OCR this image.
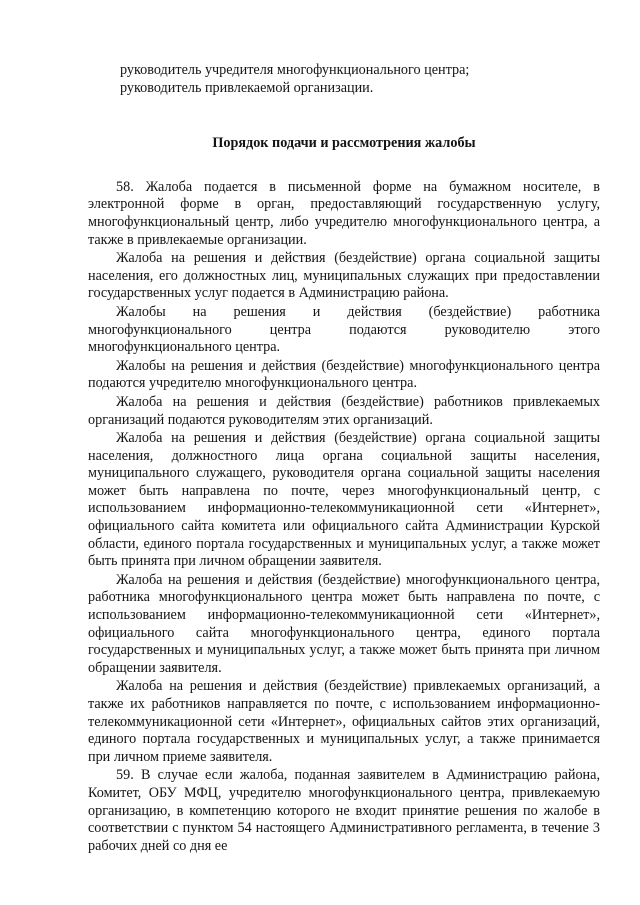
руководитель учредителя многофункционального центра;

руководитель привлекаемой организации.

Порядок подачи и рассмотрения жалобы

58. Жалоба подается в письменной форме на бумажном носителе, в электронной форме в орган, предоставляющий государственную услугу, многофункциональный центр, либо учредителю многофункционального центра, а также в привлекаемые организации.

Жалоба на решения и действия (бездействие) органа социальной защиты населения, его должностных лиц, муниципальных служащих при предоставлении государственных услуг подается в Администрацию района.

Жалобы на решения и действия (бездействие) работника многофункционального центра подаются руководителю этого многофункционального центра.

Жалобы на решения и действия (бездействие) многофункционального центра подаются учредителю многофункционального центра.

Жалоба на решения и действия (бездействие) работников привлекаемых организаций подаются руководителям этих организаций.

Жалоба на решения и действия (бездействие) органа социальной защиты населения, должностного лица органа социальной защиты населения, муниципального служащего, руководителя органа социальной защиты населения может быть направлена по почте, через многофункциональный центр, с использованием информационно-телекоммуникационной сети «Интернет», официального сайта комитета или официального сайта Администрации Курской области, единого портала государственных и муниципальных услуг, а также может быть принята при личном обращении заявителя.

Жалоба на решения и действия (бездействие) многофункционального центра, работника многофункционального центра может быть направлена по почте, с использованием информационно-телекоммуникационной сети «Интернет», официального сайта многофункционального центра, единого портала государственных и муниципальных услуг, а также может быть принята при личном обращении заявителя.

Жалоба на решения и действия (бездействие) привлекаемых организаций, а также их работников направляется по почте, с использованием информационно-телекоммуникационной сети «Интернет», официальных сайтов этих организаций, единого портала государственных и муниципальных услуг, а также принимается при личном приеме заявителя.

59. В случае если жалоба, поданная заявителем в Администрацию района, Комитет, ОБУ МФЦ, учредителю многофункционального центра, привлекаемую организацию, в компетенцию которого не входит принятие решения по жалобе в соответствии с пунктом 54 настоящего Административного регламента, в течение 3 рабочих дней со дня ее
